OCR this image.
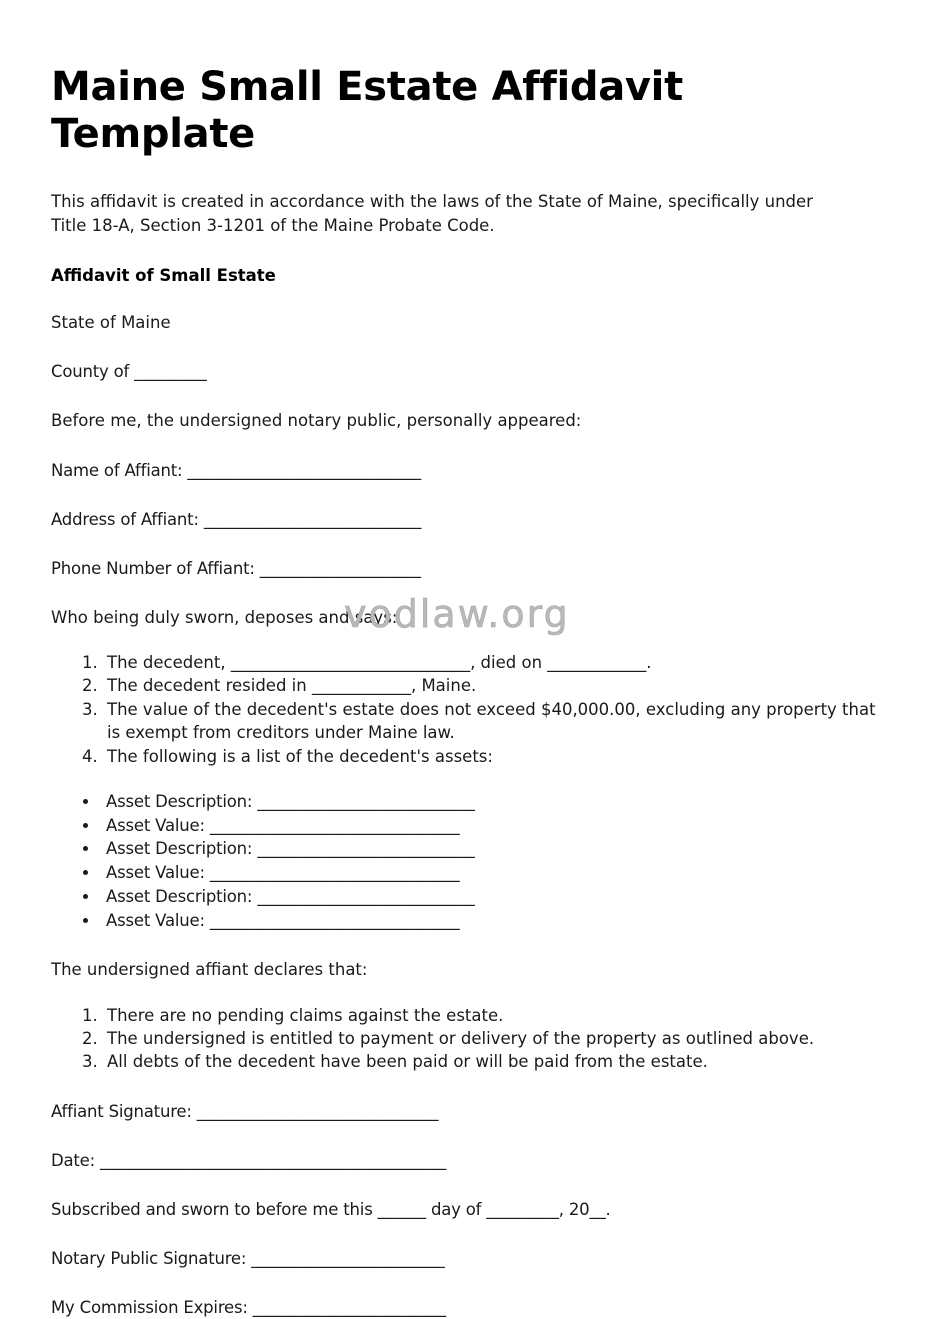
Maine Small Estate Affidavit Template

This affidavit is created in accordance with the laws of the State of Maine, specifically under Title 18-A, Section 3-1201 of the Maine Probate Code.

Affidavit of Small Estate

State of Maine

County of _________

Before me, the undersigned notary public, personally appeared:

Name of Affiant: _____________________________

Address of Affiant: ___________________________

Phone Number of Affiant: ____________________

Who being duly sworn, deposes and says:

1. The decedent, _____________________________, died on ____________.
2. The decedent resided in ____________, Maine.
3. The value of the decedent's estate does not exceed $40,000.00, excluding any property that is exempt from creditors under Maine law.
4. The following is a list of the decedent's assets:
• Asset Description: ___________________________
• Asset Value: _______________________________
• Asset Description: ___________________________
• Asset Value: _______________________________
• Asset Description: ___________________________
• Asset Value: _______________________________

The undersigned affiant declares that:

1. There are no pending claims against the estate.
2. The undersigned is entitled to payment or delivery of the property as outlined above.
3. All debts of the decedent have been paid or will be paid from the estate.

Affiant Signature: ______________________________

Date: ___________________________________________

Subscribed and sworn to before me this ______ day of _________, 20__.

Notary Public Signature: ________________________

My Commission Expires: ________________________

vodlaw.org
